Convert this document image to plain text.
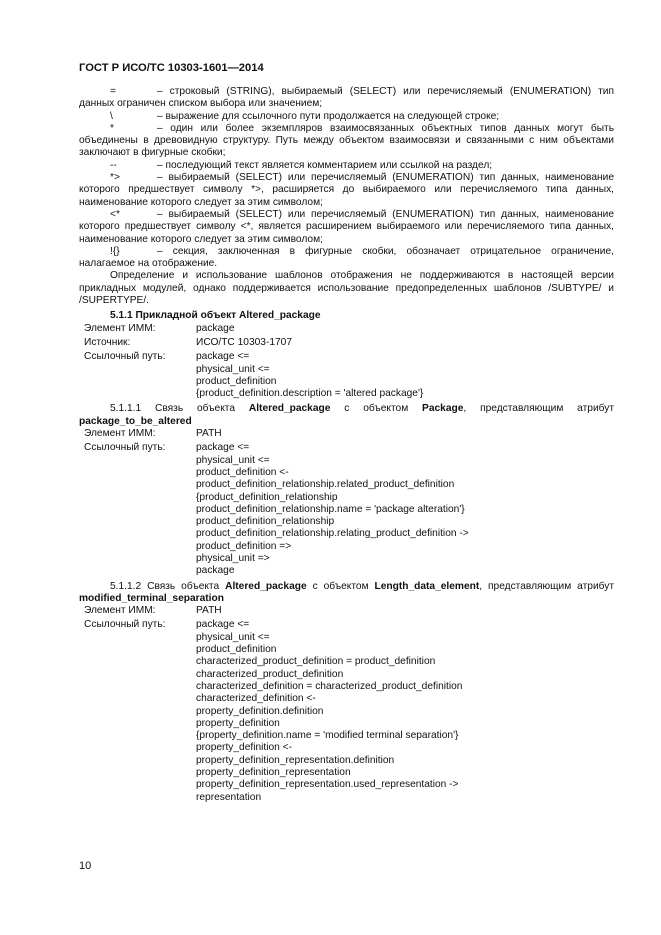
ГОСТ Р ИСО/ТС 10303-1601—2014
=	– строковый (STRING), выбираемый (SELECT) или перечисляемый (ENUMERATION) тип данных ограничен списком выбора или значением;
\	– выражение для ссылочного пути продолжается на следующей строке;
*	– один или более экземпляров взаимосвязанных объектных типов данных могут быть объединены в древовидную структуру. Путь между объектом взаимосвязи и связанными с ним объектами заключают в фигурные скобки;
--	– последующий текст является комментарием или ссылкой на раздел;
*>	– выбираемый (SELECT) или перечисляемый (ENUMERATION) тип данных, наименование которого предшествует символу *>, расширяется до выбираемого или перечисляемого типа данных, наименование которого следует за этим символом;
<*	– выбираемый (SELECT) или перечисляемый (ENUMERATION) тип данных, наименование которого предшествует символу <*, является расширением выбираемого или перечисляемого типа данных, наименование которого следует за этим символом;
!{}	– секция, заключенная в фигурные скобки, обозначает отрицательное ограничение, налагаемое на отображение.

Определение и использование шаблонов отображения не поддерживаются в настоящей версии прикладных модулей, однако поддерживается использование предопределенных шаблонов /SUBTYPE/ и /SUPERTYPE/.

5.1.1 Прикладной объект Altered_package
Элемент ИММ:	package
Источник:	ИСО/ТС 10303-1707
Ссылочный путь:	package <=
physical_unit <=
product_definition
{product_definition.description = 'altered package'}

5.1.1.1 Связь объекта Altered_package с объектом Package, представляющим атрибут package_to_be_altered

Элемент ИММ:	PATH
Ссылочный путь:	package <=
physical_unit <=
product_definition <-
product_definition_relationship.related_product_definition
{product_definition_relationship
product_definition_relationship.name = 'package alteration'}
product_definition_relationship
product_definition_relationship.relating_product_definition ->
product_definition =>
physical_unit =>
package

5.1.1.2 Связь объекта Altered_package с объектом Length_data_element, представляющим атрибут modified_terminal_separation

Элемент ИММ:	PATH
Ссылочный путь:	package <=
physical_unit <=
product_definition
characterized_product_definition = product_definition
characterized_product_definition
characterized_definition = characterized_product_definition
characterized_definition <-
property_definition.definition
property_definition
{property_definition.name = 'modified terminal separation'}
property_definition <-
property_definition_representation.definition
property_definition_representation
property_definition_representation.used_representation ->
representation
10
